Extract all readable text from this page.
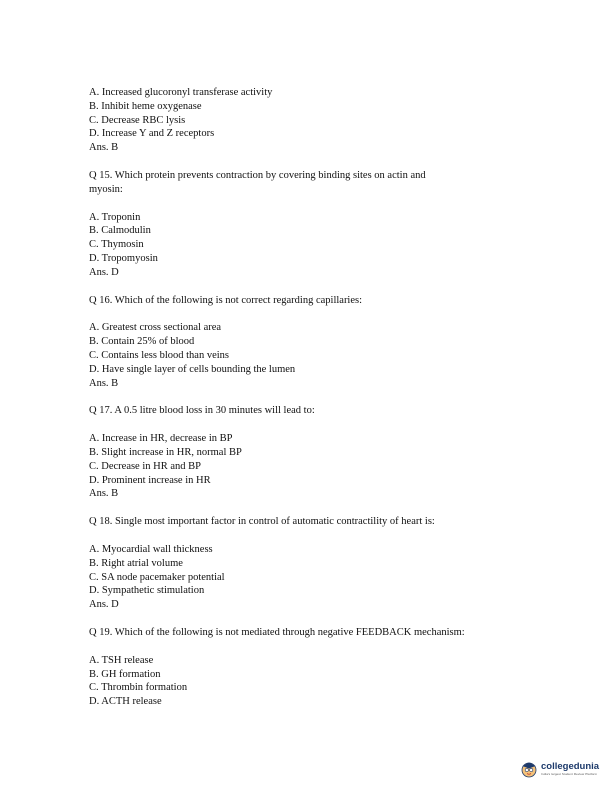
A. Increased glucoronyl transferase activity
B. Inhibit heme oxygenase
C. Decrease RBC lysis
D. Increase Y and Z receptors
Ans. B
Q 15. Which protein prevents contraction by covering binding sites on actin and
myosin:
A. Troponin
B. Calmodulin
C. Thymosin
D. Tropomyosin
Ans. D
Q 16. Which of the following is not correct regarding capillaries:
A. Greatest cross sectional area
B. Contain 25% of blood
C. Contains less blood than veins
D. Have single layer of cells bounding the lumen
Ans. B
Q 17. A 0.5 litre blood loss in 30 minutes will lead to:
A. Increase in HR, decrease in BP
B. Slight increase in HR, normal BP
C. Decrease in HR and BP
D. Prominent increase in HR
Ans. B
Q 18. Single most important factor in control of automatic contractility of heart is:
A. Myocardial wall thickness
B. Right atrial volume
C. SA node pacemaker potential
D. Sympathetic stimulation
Ans. D
Q 19. Which of the following is not mediated through negative FEEDBACK mechanism:
A. TSH release
B. GH formation
C. Thrombin formation
D. ACTH release
collegedunia
India's largest Student Review Platform
